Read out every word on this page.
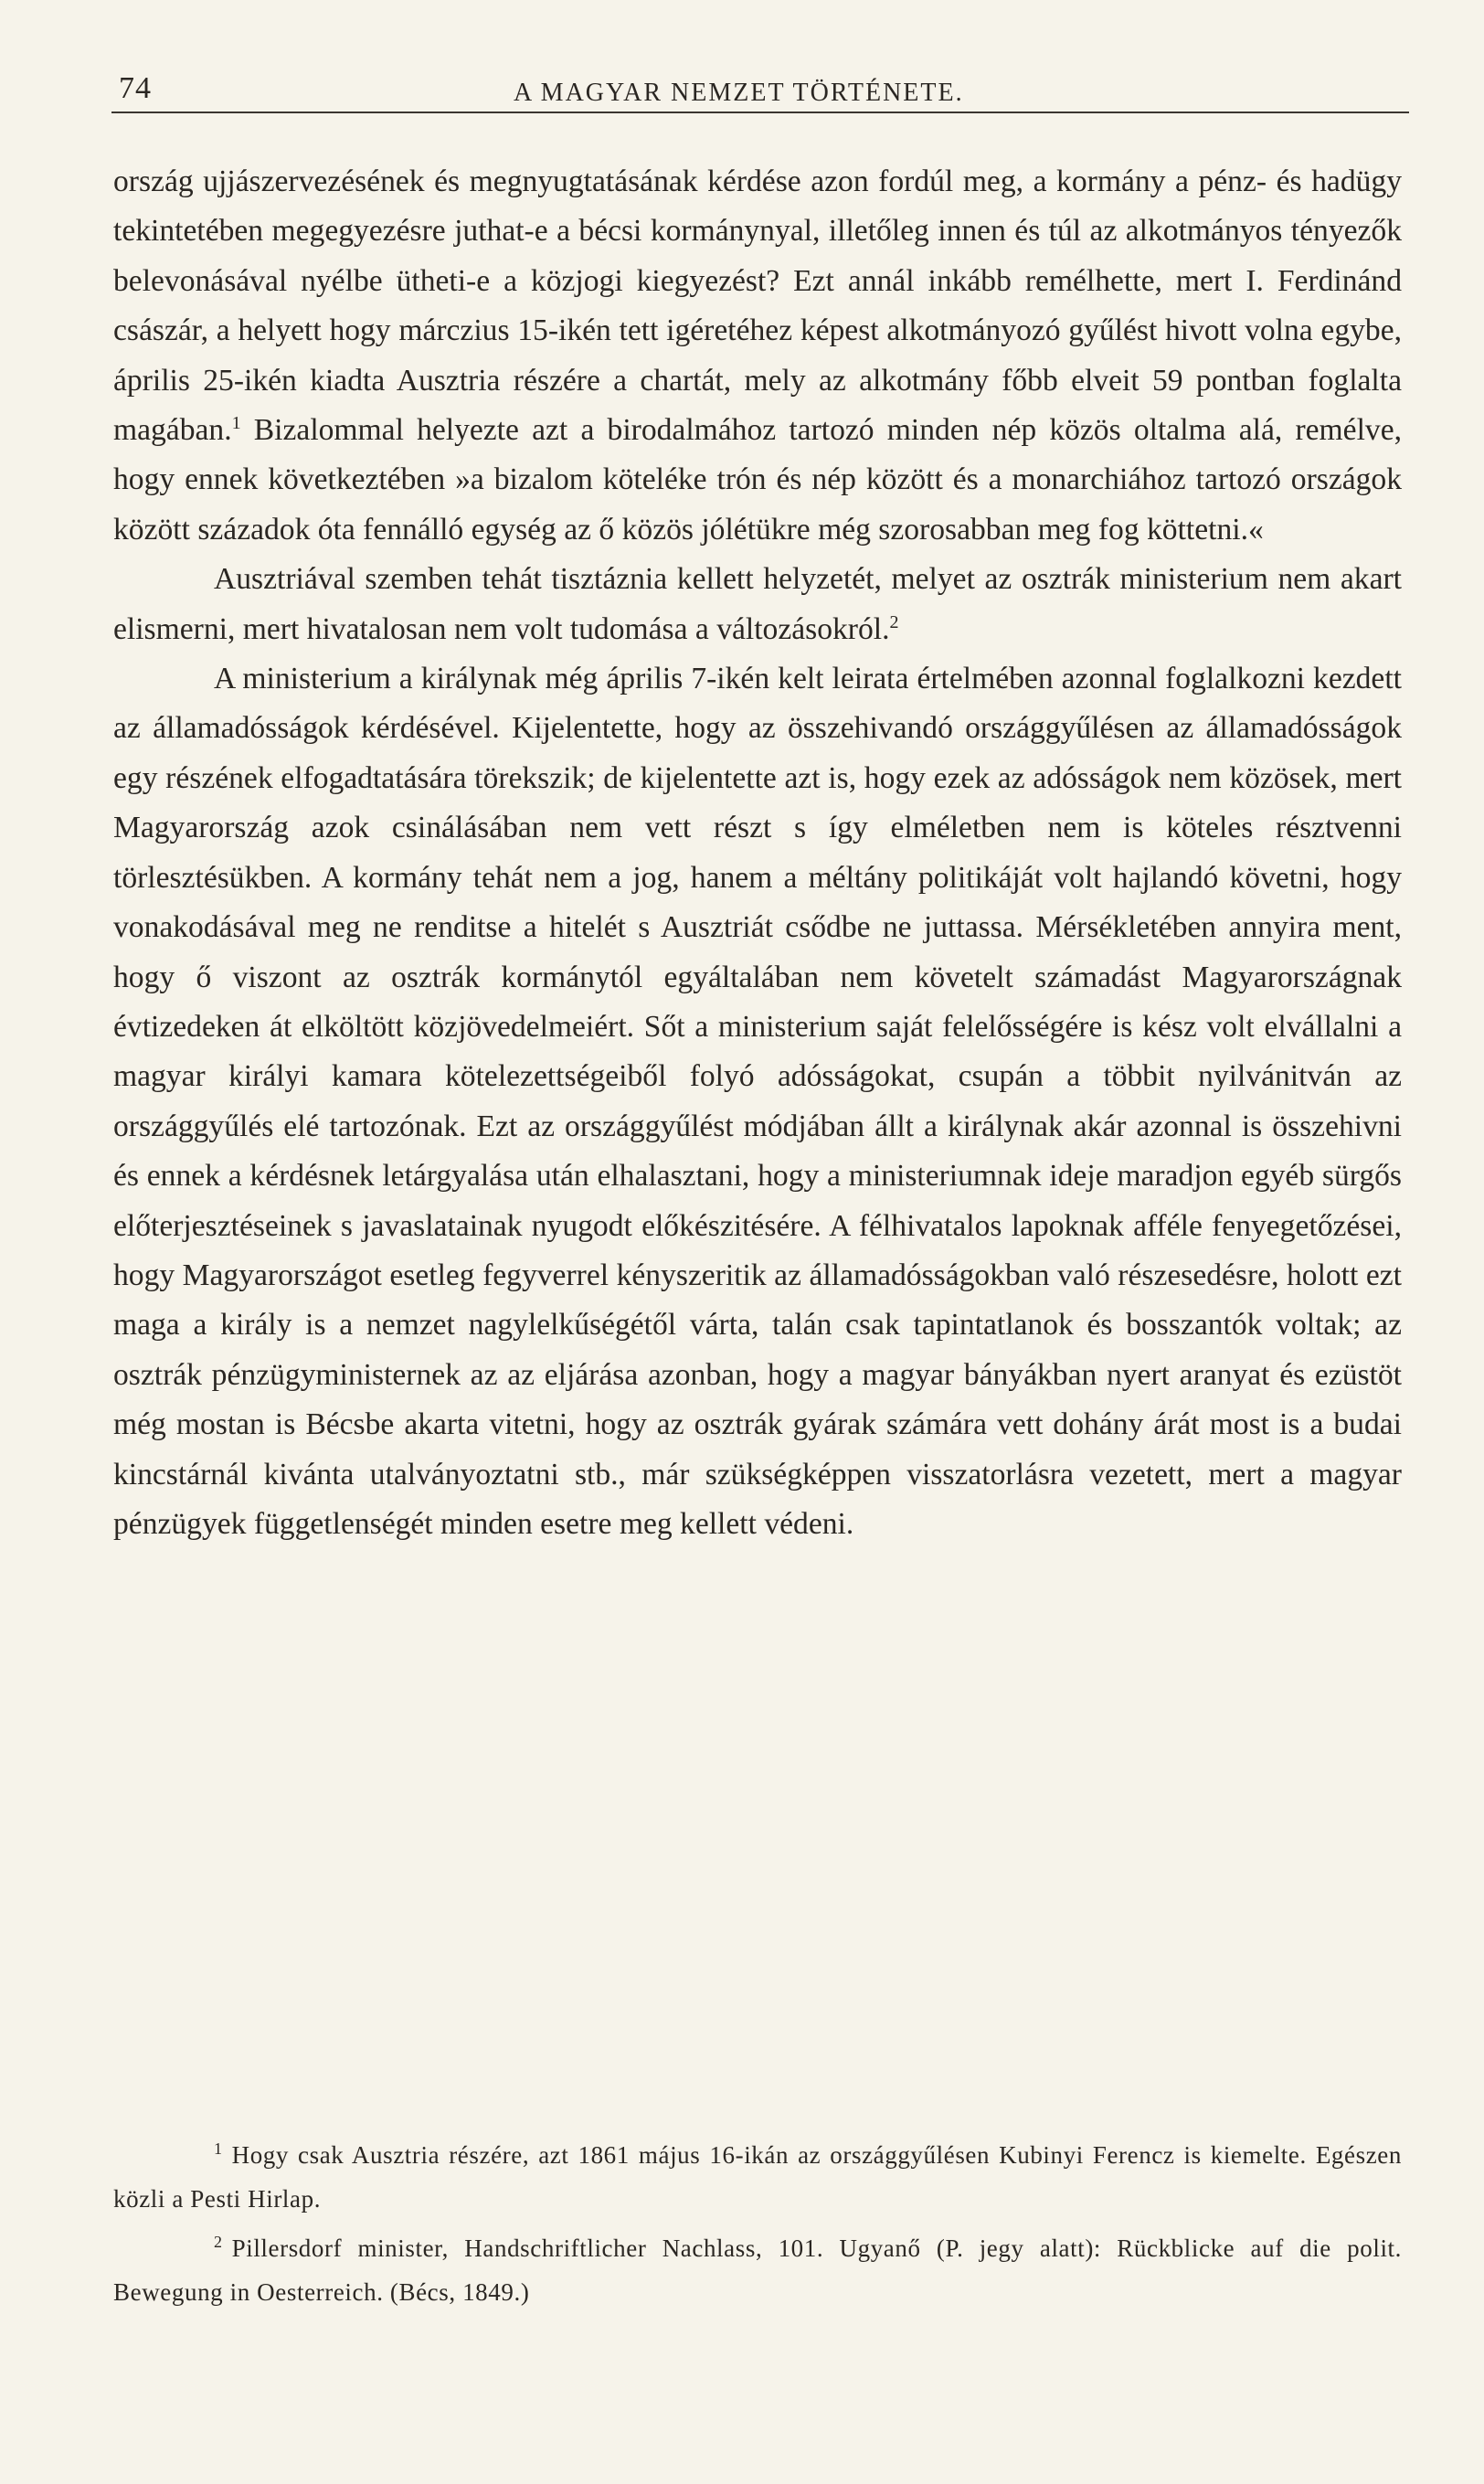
74	A MAGYAR NEMZET TÖRTÉNETE.

ország ujjászervezésének és megnyugtatásának kérdése azon fordúl meg, a kormány a pénz- és hadügy tekintetében megegyezésre juthat-e a bécsi kormánynyal, illetőleg innen és túl az alkotmányos tényezők belevonásával nyélbe ütheti-e a közjogi kiegyezést? Ezt annál inkább remélhette, mert I. Ferdinánd császár, a helyett hogy márczius 15-ikén tett igéretéhez képest alkotmányozó gyűlést hivott volna egybe, április 25-ikén kiadta Ausztria részére a chartát, mely az alkotmány főbb elveit 59 pontban foglalta magában.$^1$ Bizalommal helyezte azt a birodalmához tartozó minden nép közös oltalma alá, remélve, hogy ennek következtében »a bizalom köteléke trón és nép között és a monarchiához tartozó országok között századok óta fennálló egység az ő közös jólétükre még szorosabban meg fog köttetni.«

Ausztriával szemben tehát tisztáznia kellett helyzetét, melyet az osztrák ministerium nem akart elismerni, mert hivatalosan nem volt tudomása a változásokról.$^2$

A ministerium a királynak még április 7-ikén kelt leirata értelmében azonnal foglalkozni kezdett az államadósságok kérdésével. Kijelentette, hogy az összehivandó országgyűlésen az államadósságok egy részének elfogadtatására törekszik; de kijelentette azt is, hogy ezek az adósságok nem közösek, mert Magyarország azok csinálásában nem vett részt s így elméletben nem is köteles résztvenni törlesztésükben. A kormány tehát nem a jog, hanem a méltány politikáját volt hajlandó követni, hogy vonakodásával meg ne renditse a hitelét s Ausztriát csődbe ne juttassa. Mérsékletében annyira ment, hogy ő viszont az osztrák kormánytól egyáltalában nem követelt számadást Magyarországnak évtizedeken át elköltött közjövedelmeiért. Sőt a ministerium saját felelősségére is kész volt elvállalni a magyar királyi kamara kötelezettségeiből folyó adósságokat, csupán a többit nyilvánitván az országgyűlés elé tartozónak. Ezt az országgyűlést módjában állt a királynak akár azonnal is összehivni és ennek a kérdésnek letárgyalása után elhalasztani, hogy a ministeriumnak ideje maradjon egyéb sürgős előterjesztéseinek s javaslatainak nyugodt előkészitésére. A félhivatalos lapoknak afféle fenyegetőzései, hogy Magyarországot esetleg fegyverrel kényszeritik az államadósságokban való részesedésre, holott ezt maga a király is a nemzet nagylelkűségétől várta, talán csak tapintatlanok és bosszantók voltak; az osztrák pénzügyministernek az az eljárása azonban, hogy a magyar bányákban nyert aranyat és ezüstöt még mostan is Bécsbe akarta vitetni, hogy az osztrák gyárak számára vett dohány árát most is a budai kincstárnál kivánta utalványoztatni stb., már szükségképpen visszatorlásra vezetett, mert a magyar pénzügyek függetlenségét minden esetre meg kellett védeni.

$^1$ Hogy csak Ausztria részére, azt 1861 május 16-ikán az országgyűlésen Kubinyi Ferencz is kiemelte. Egészen közli a Pesti Hirlap.

$^2$ Pillersdorf minister, Handschriftlicher Nachlass, 101. Ugyanő (P. jegy alatt): Rückblicke auf die polit. Bewegung in Oesterreich. (Bécs, 1849.)
